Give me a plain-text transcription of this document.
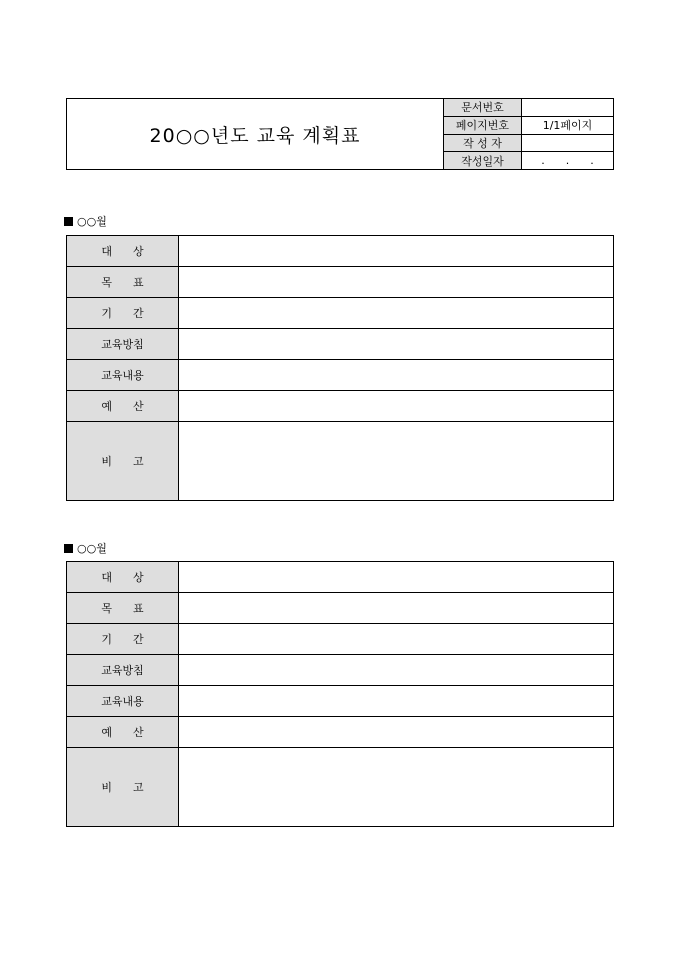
20○○년도 교육 계획표
문서번호
페이지번호	1/1페이지
작 성 자
작성일자	.      .      .
○○월
대      상
목      표
기      간
교육방침
교육내용
예      산
비      고
○○월
대      상
목      표
기      간
교육방침
교육내용
예      산
비      고
